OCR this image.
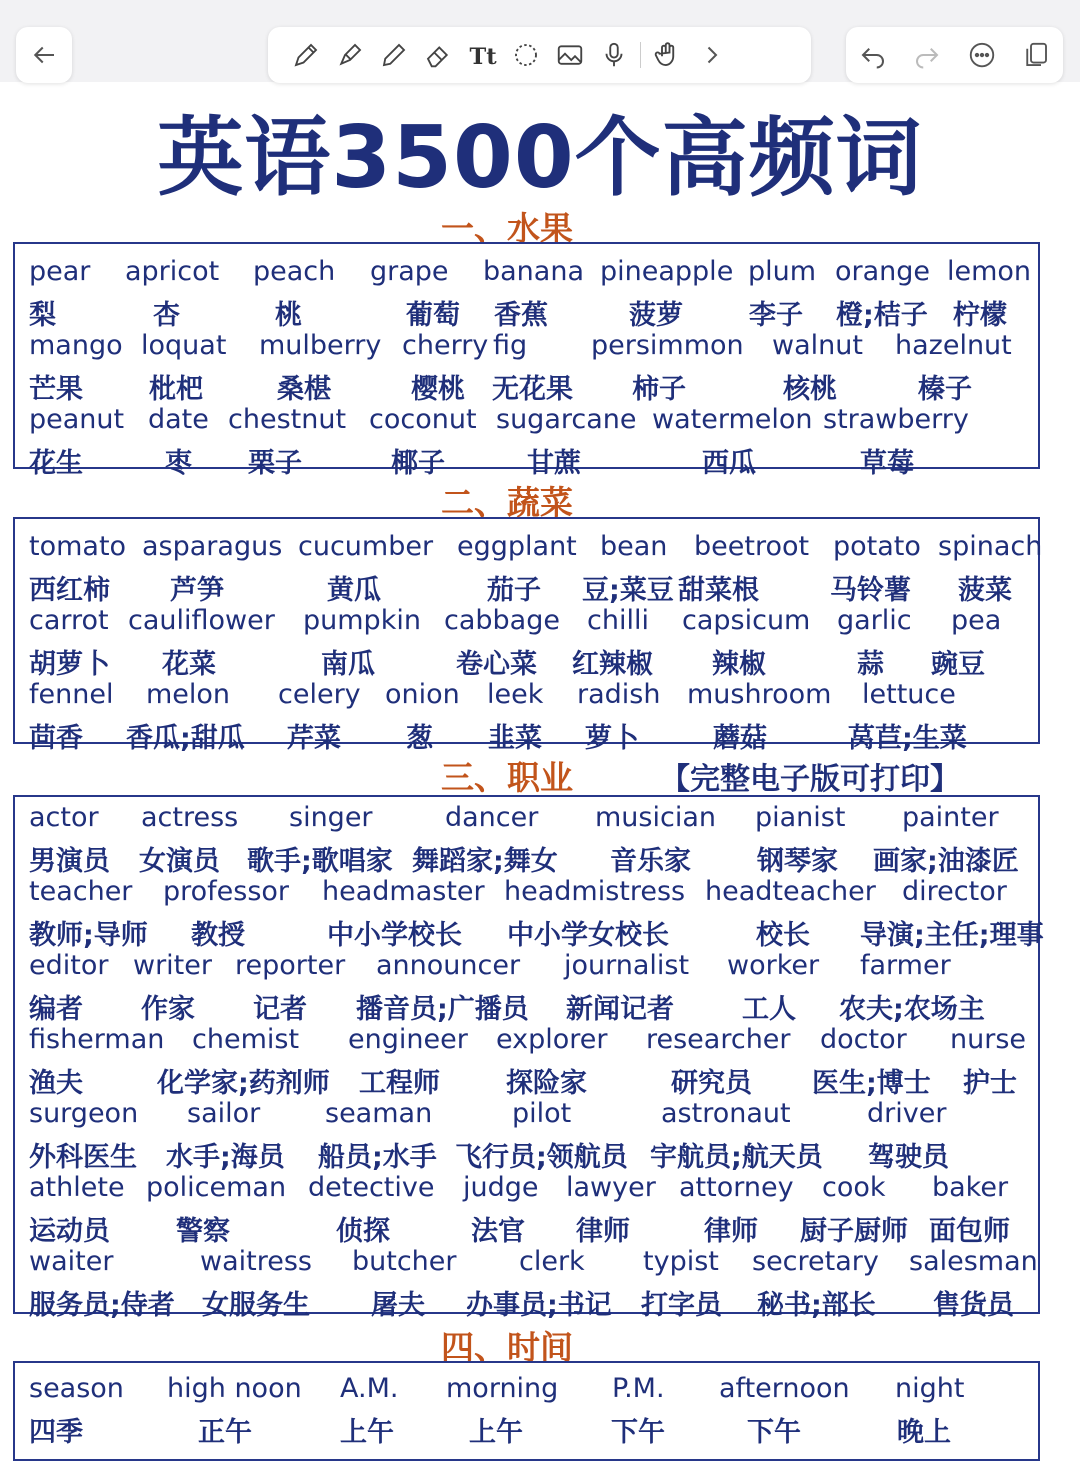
Tt
英语3500个高频词
一、水果
二、蔬菜
三、职业	【完整电子版可打印】
四、时间
pear
梨
apricot
杏
peach
桃
grape
葡萄
banana
香蕉
pineapple
菠萝
plum
李子
orange
橙;桔子
lemon
柠檬
mango
芒果
loquat
枇杷
mulberry
桑椹
cherry
樱桃
fig
无花果
persimmon
柿子
walnut
核桃
hazelnut
榛子
peanut
花生
date
枣
chestnut
栗子
coconut
椰子
sugarcane
甘蔗
watermelon
西瓜
strawberry
草莓
tomato
西红柿
asparagus
芦笋
cucumber
黄瓜
eggplant
茄子
bean
豆;菜豆
beetroot
甜菜根
potato
马铃薯
spinach
菠菜
carrot
胡萝卜
cauliflower
花菜
pumpkin
南瓜
cabbage
卷心菜
chilli
红辣椒
capsicum
辣椒
garlic
蒜
pea
豌豆
fennel
茴香
melon
香瓜;甜瓜
celery
芹菜
onion
葱
leek
韭菜
radish
萝卜
mushroom
蘑菇
lettuce
莴苣;生菜
actor
男演员
actress
女演员
singer
歌手;歌唱家
dancer
舞蹈家;舞女
musician
音乐家
pianist
钢琴家
painter
画家;油漆匠
teacher
教师;导师
professor
教授
headmaster
中小学校长
headmistress
中小学女校长
headteacher
校长
director
导演;主任;理事
editor
编者
writer
作家
reporter
记者
announcer
播音员;广播员
journalist
新闻记者
worker
工人
farmer
农夫;农场主
fisherman
渔夫
chemist
化学家;药剂师
engineer
工程师
explorer
探险家
researcher
研究员
doctor
医生;博士
nurse
护士
surgeon
外科医生
sailor
水手;海员
seaman
船员;水手
pilot
飞行员;领航员
astronaut
宇航员;航天员
driver
驾驶员
athlete
运动员
policeman
警察
detective
侦探
judge
法官
lawyer
律师
attorney
律师
cook
厨子厨师
baker
面包师
waiter
服务员;侍者
waitress
女服务生
butcher
屠夫
clerk
办事员;书记
typist
打字员
secretary
秘书;部长
salesman
售货员
season
四季
high noon
正午
A.M.
上午
morning
上午
P.M.
下午
afternoon
下午
night
晚上
